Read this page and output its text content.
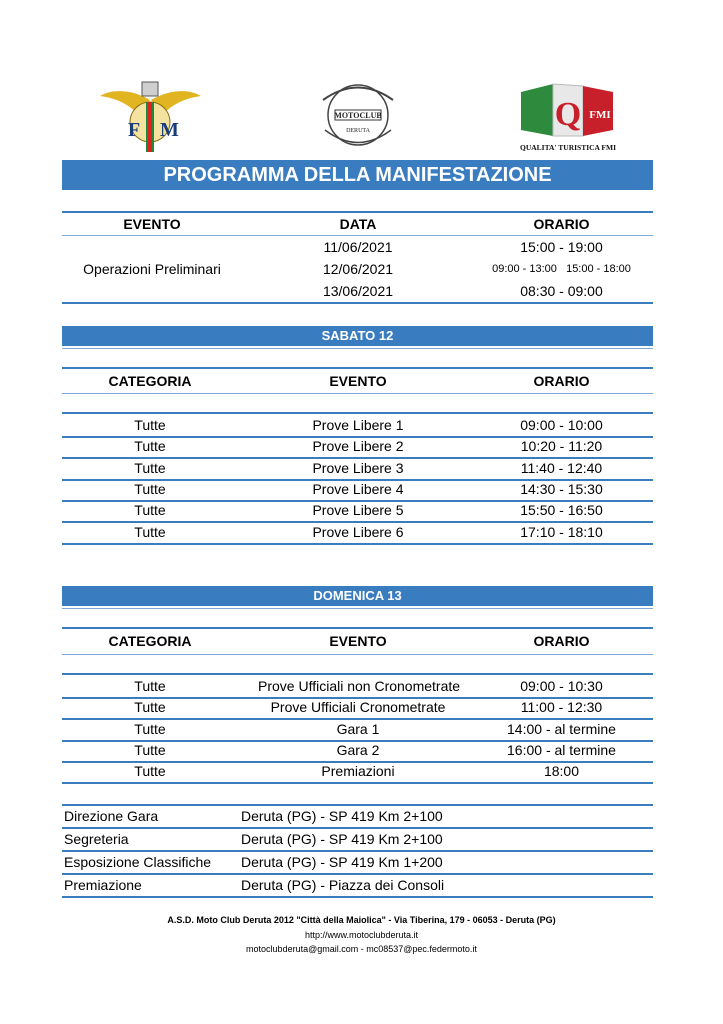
F M
MOTOCLUB
DERUTA	Q FMI
QUALITA' TURISTICA FMI
PROGRAMMA DELLA MANIFESTAZIONE
EVENTO	DATA	ORARIO
Operazioni Preliminari
11/06/2021	15:00 - 19:00
12/06/2021	09:00 - 13:00   15:00 - 18:00
13/06/2021	08:30 - 09:00
SABATO 12
CATEGORIA	EVENTO	ORARIO
Tutte	Prove Libere 1	09:00 - 10:00
Tutte	Prove Libere 2	10:20 - 11:20
Tutte	Prove Libere 3	11:40 - 12:40
Tutte	Prove Libere 4	14:30 - 15:30
Tutte	Prove Libere 5	15:50 - 16:50
Tutte	Prove Libere 6	17:10 - 18:10
DOMENICA 13
CATEGORIA	EVENTO	ORARIO
Tutte	Prove Ufficiali non Cronometrate	09:00 - 10:30
Tutte	Prove Ufficiali Cronometrate	11:00 - 12:30
Tutte	Gara 1	14:00 - al termine
Tutte	Gara 2	16:00 - al termine
Tutte	Premiazioni	18:00
Direzione Gara	Deruta (PG) - SP 419 Km 2+100
Segreteria	Deruta (PG) - SP 419 Km 2+100
Esposizione Classifiche Deruta (PG) - SP 419 Km 1+200
Premiazione	Deruta (PG) - Piazza dei Consoli
A.S.D. Moto Club Deruta 2012 "Città della Maiolica" - Via Tiberina, 179 - 06053 - Deruta (PG)
http://www.motoclubderuta.it
motoclubderuta@gmail.com - mc08537@pec.federmoto.it
